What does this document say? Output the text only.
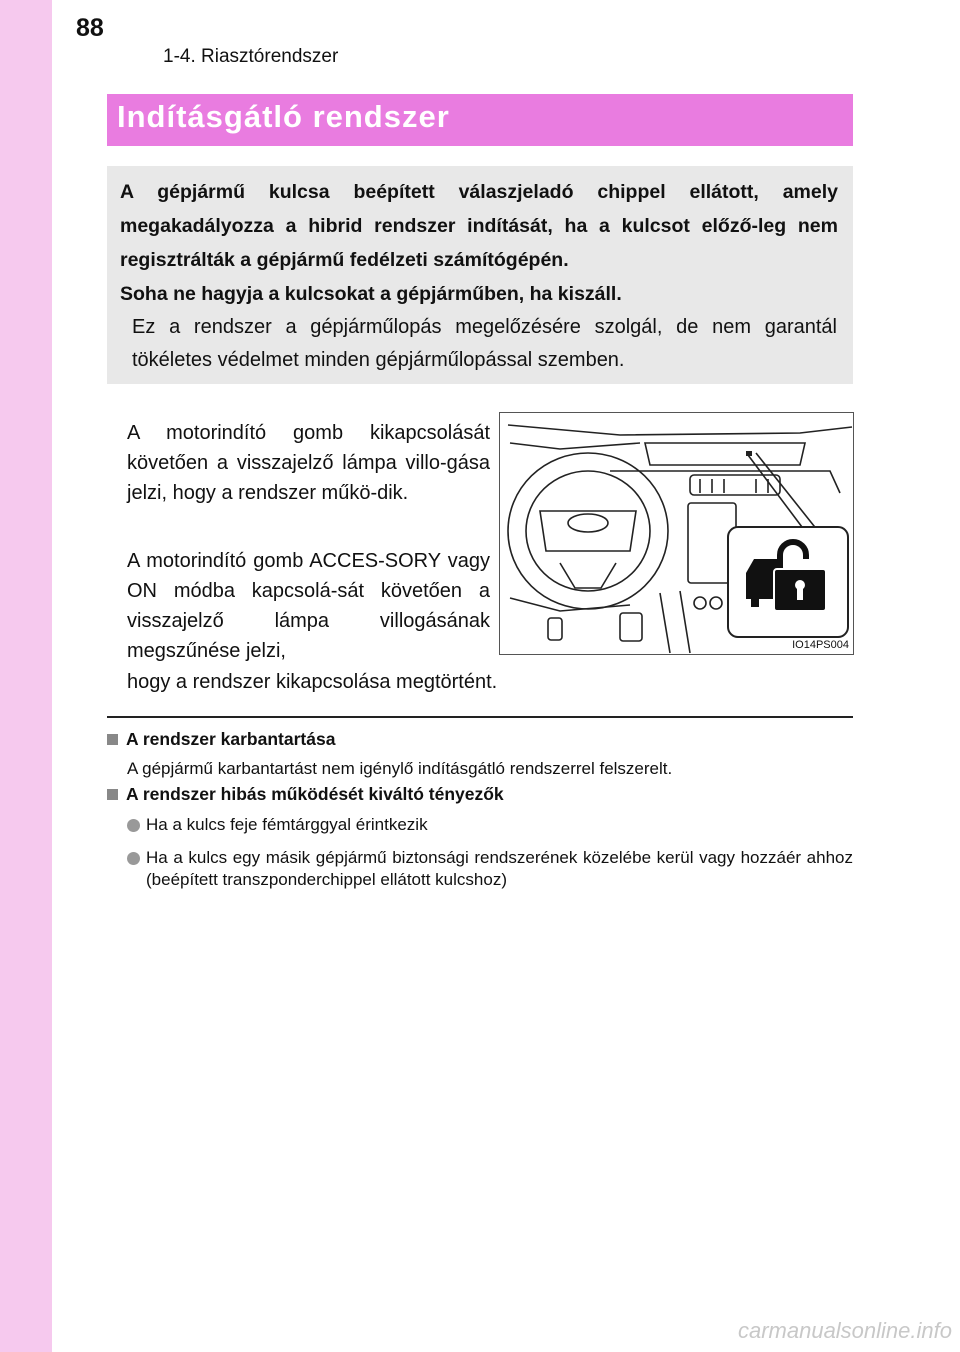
88
1-4. Riasztórendszer
Indításgátló rendszer

A gépjármű kulcsa beépített válaszjeladó chippel ellátott, amely megakadályozza a hibrid rendszer indítását, ha a kulcsot előző-leg nem regisztrálták a gépjármű fedélzeti számítógépén.

Soha ne hagyja a kulcsokat a gépjárműben, ha kiszáll.

Ez a rendszer a gépjárműlopás megelőzésére szolgál, de nem garantál tökéletes védelmet minden gépjárműlopással szemben.

A motorindító gomb kikapcsolását követően a visszajelző lámpa villo-gása jelzi, hogy a rendszer műkö-dik.

A motorindító gomb ACCES-SORY vagy ON módba kapcsolá-sát követően a visszajelző lámpa villogásának megszűnése jelzi,

hogy a rendszer kikapcsolása megtörtént.

IO14PS004
A rendszer karbantartása

A gépjármű karbantartást nem igénylő indításgátló rendszerrel felszerelt.

A rendszer hibás működését kiváltó tényezők

Ha a kulcs feje fémtárggyal érintkezik

Ha a kulcs egy másik gépjármű biztonsági rendszerének közelébe kerül vagy hozzáér ahhoz (beépített transzponderchippel ellátott kulcshoz)

carmanualsonline.info
